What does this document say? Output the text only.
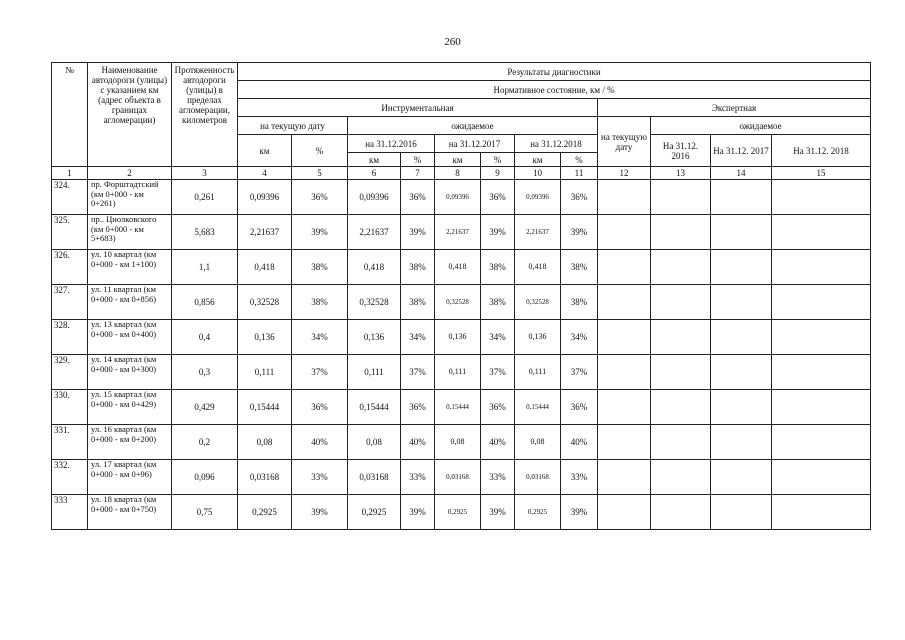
260
№	Наименование автодороги (улицы) с указанием км (адрес объекта в границах агломерации)	Протяженность автодороги (улицы) в пределах агломерации, километров	Результаты диагностики											
			Нормативное состояние, км / %											
			Инструментальная								Экспертная			
			на текущую дату		ожидаемое						на текущую дату	ожидаемое		
			км	%	на 31.12.2016		на 31.12.2017		на 31.12.2018			На 31.12. 2016	На 31.12. 2017	На 31.12. 2018
					км	%	км	%	км	%				
1	2	3	4	5	6	7	8	9	10	11	12	13	14	15
324.	пр. Форштадтский (км 0+000 - км 0+261)	0,261	0,09396	36%	0,09396	36%	0,09396	36%	0,09396	36%				
325.	пр.. Циолковского (км 0+000 - км 5+683)	5,683	2,21637	39%	2,21637	39%	2,21637	39%	2,21637	39%				
326.	ул. 10 квартал (км 0+000 - км 1+100)	1,1	0,418	38%	0,418	38%	0,418	38%	0,418	38%				
327.	ул. 11 квартал (км 0+000 - км 0+856)	0,856	0,32528	38%	0,32528	38%	0,32528	38%	0,32528	38%				
328.	ул. 13 квартал (км 0+000 - км 0+400)	0,4	0,136	34%	0,136	34%	0,136	34%	0,136	34%				
329.	ул. 14 квартал (км 0+000 - км 0+300)	0,3	0,111	37%	0,111	37%	0,111	37%	0,111	37%				
330.	ул. 15 квартал (км 0+000 - км 0+429)	0,429	0,15444	36%	0,15444	36%	0,15444	36%	0,15444	36%				
331.	ул. 16 квартал (км 0+000 - км 0+200)	0,2	0,08	40%	0,08	40%	0,08	40%	0,08	40%				
332.	ул. 17 квартал (км 0+000 - км 0+96)	0,096	0,03168	33%	0,03168	33%	0,03168	33%	0,03168	33%				
333	ул. 18 квартал (км 0+000 - км 0+750)	0,75	0,2925	39%	0,2925	39%	0,2925	39%	0,2925	39%				
